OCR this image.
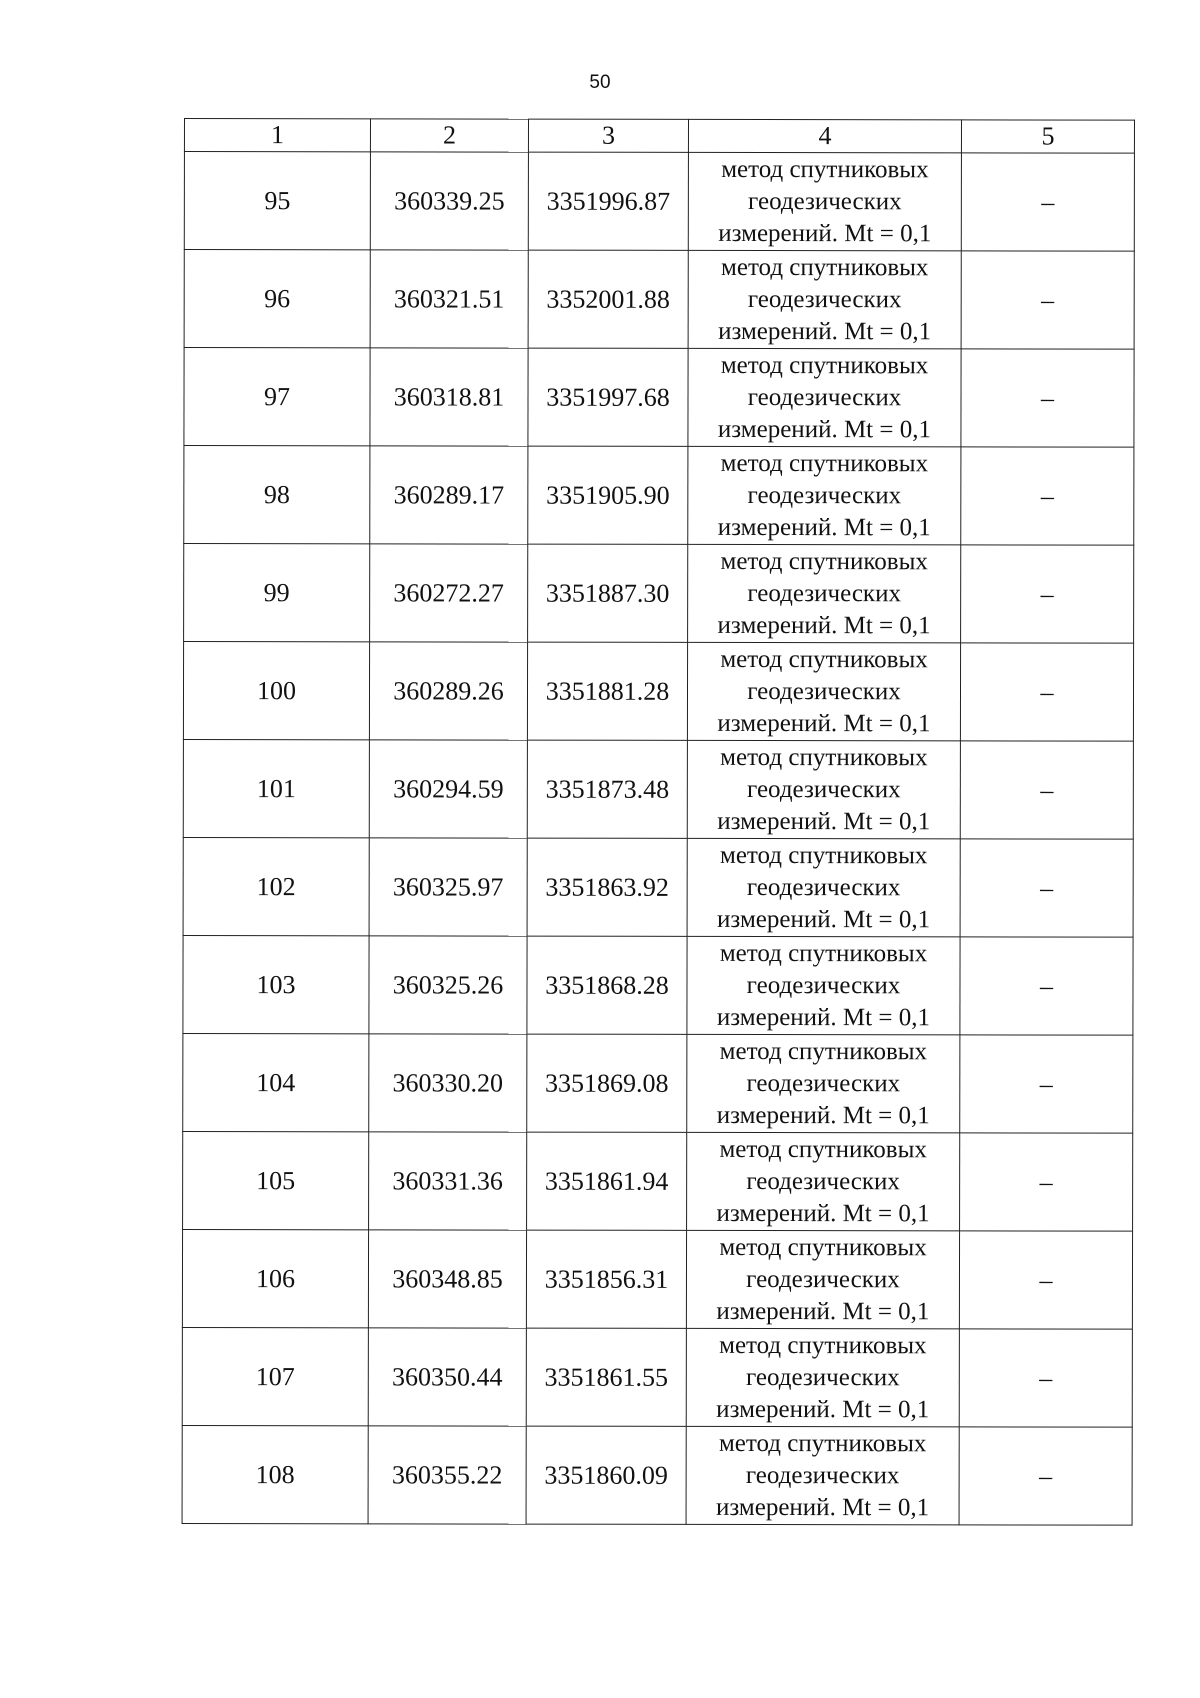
50
1	2	3	4	5
95	360339.25	3351996.87	метод спутниковых
геодезических
измерений. Mt = 0,1	–
96	360321.51	3352001.88	метод спутниковых
геодезических
измерений. Mt = 0,1	–
97	360318.81	3351997.68	метод спутниковых
геодезических
измерений. Mt = 0,1	–
98	360289.17	3351905.90	метод спутниковых
геодезических
измерений. Mt = 0,1	–
99	360272.27	3351887.30	метод спутниковых
геодезических
измерений. Mt = 0,1	–
100	360289.26	3351881.28	метод спутниковых
геодезических
измерений. Mt = 0,1	–
101	360294.59	3351873.48	метод спутниковых
геодезических
измерений. Mt = 0,1	–
102	360325.97	3351863.92	метод спутниковых
геодезических
измерений. Mt = 0,1	–
103	360325.26	3351868.28	метод спутниковых
геодезических
измерений. Mt = 0,1	–
104	360330.20	3351869.08	метод спутниковых
геодезических
измерений. Mt = 0,1	–
105	360331.36	3351861.94	метод спутниковых
геодезических
измерений. Mt = 0,1	–
106	360348.85	3351856.31	метод спутниковых
геодезических
измерений. Mt = 0,1	–
107	360350.44	3351861.55	метод спутниковых
геодезических
измерений. Mt = 0,1	–
108	360355.22	3351860.09	метод спутниковых
геодезических
измерений. Mt = 0,1	–
